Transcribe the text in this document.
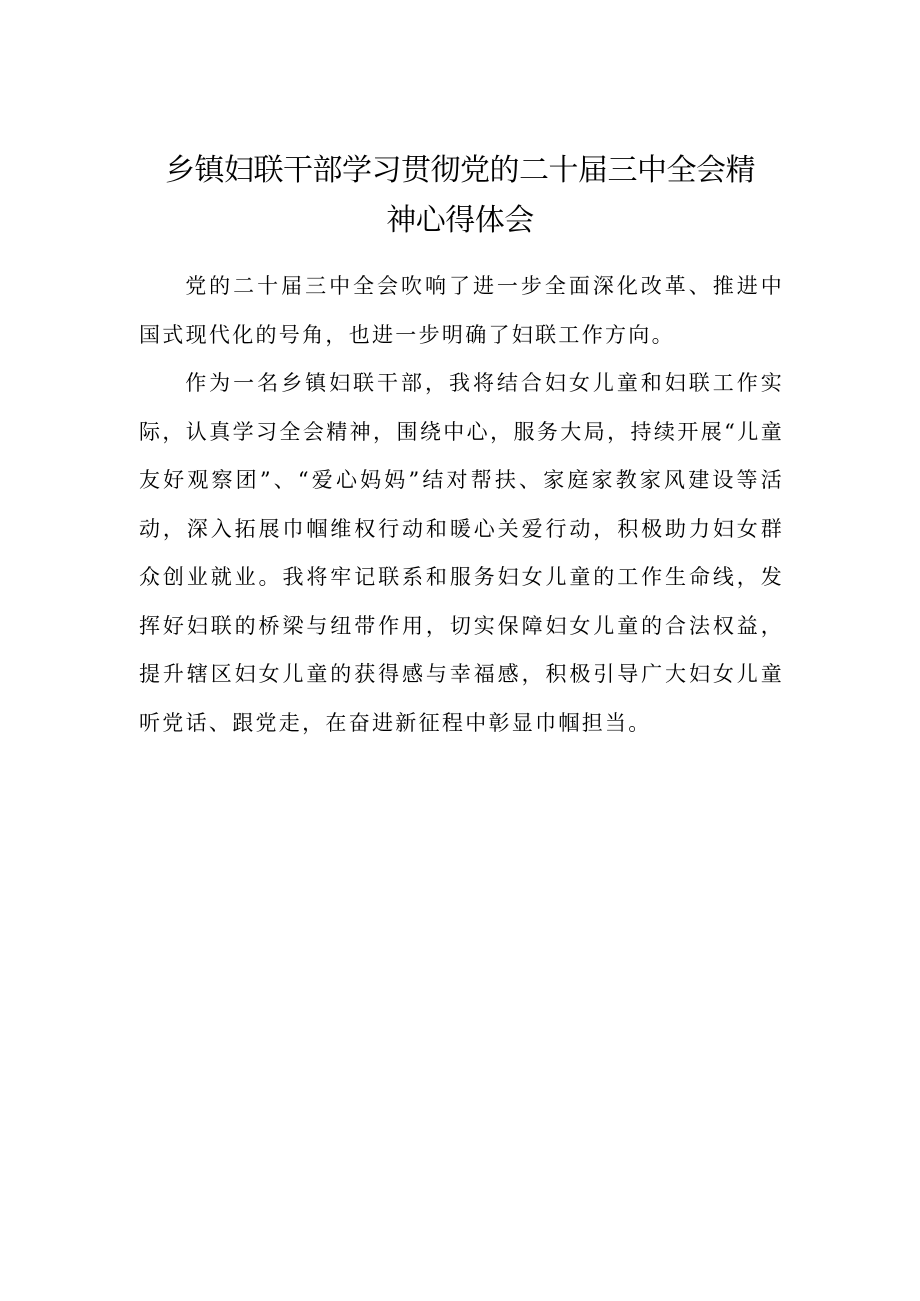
乡镇妇联干部学习贯彻党的二十届三中全会精
神心得体会

党的二十届三中全会吹响了进一步全面深化改革、推进中国式现代化的号角，也进一步明确了妇联工作方向。

作为一名乡镇妇联干部，我将结合妇女儿童和妇联工作实际，认真学习全会精神，围绕中心，服务大局，持续开展“儿童友好观察团”、“爱心妈妈”结对帮扶、家庭家教家风建设等活动，深入拓展巾帼维权行动和暖心关爱行动，积极助力妇女群众创业就业。我将牢记联系和服务妇女儿童的工作生命线，发挥好妇联的桥梁与纽带作用，切实保障妇女儿童的合法权益，提升辖区妇女儿童的获得感与幸福感，积极引导广大妇女儿童听党话、跟党走，在奋进新征程中彰显巾帼担当。
